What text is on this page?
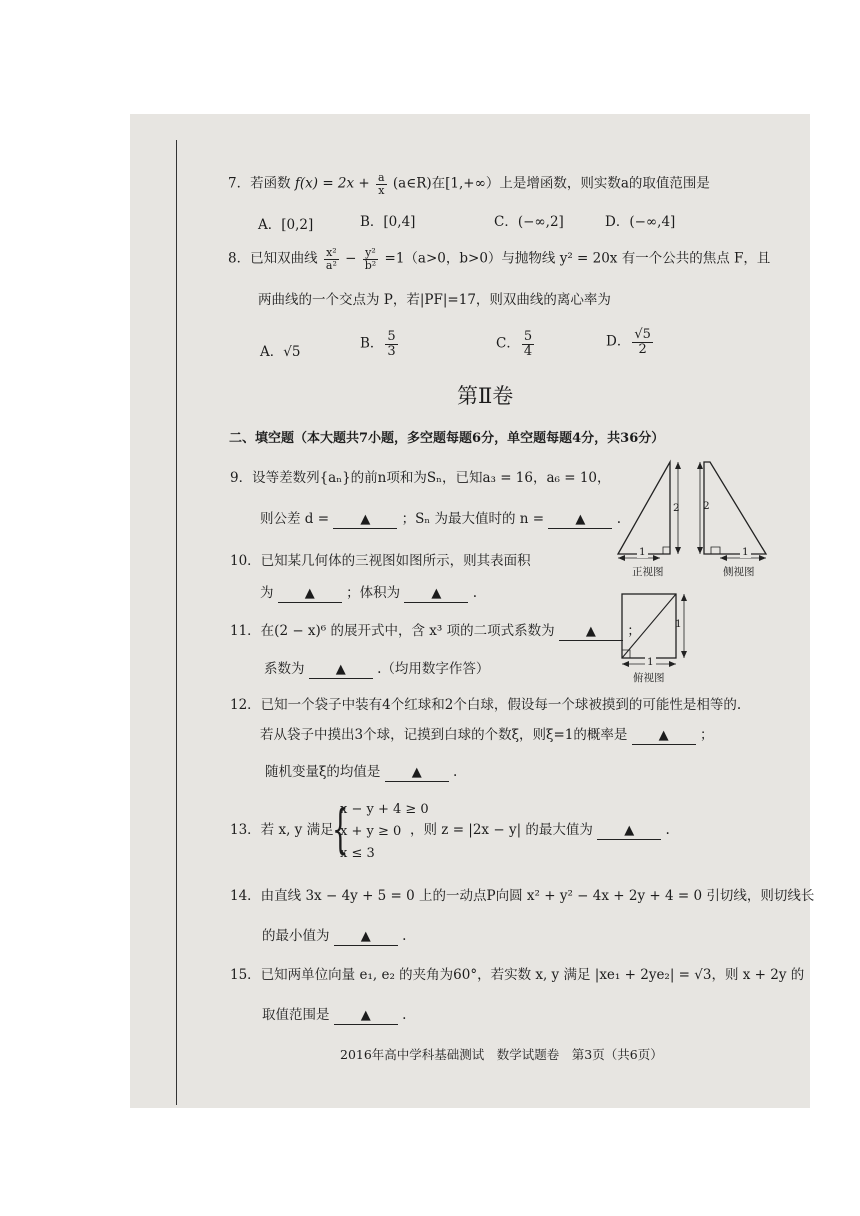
7．若函数 $f(x) = 2x + \frac{a}{x}$ (a∈R)在[1,+∞）上是增函数，则实数a的取值范围是
A．[0,2]	B．[0,4]	C．(−∞,2]	D．(−∞,4]
8．已知双曲线 $\frac{\text{x²}}{\text{a²}} - \frac{\text{y²}}{\text{b²}} =1(a>0$，b>0）与抛物线 y² = 20x 有一个公共的焦点 F，且
两曲线的一个交点为 P，若|PF|=17，则双曲线的离心率为
A．√5
B． $\frac{5}{3}$	C． $\frac{5}{4}$	D． $\frac{√5}{2}$
第Ⅱ卷
二、填空题（本大题共7小题，多空题每题6分，单空题每题4分，共36分）
9．设等差数列{aₙ}的前n项和为Sₙ，已知a₃ = 16，a₆ = 10，
则公差 d = ▲ ；Sₙ 为最大值时的 n = ▲ .
10．已知某几何体的三视图如图所示，则其表面积
为 ▲ ；体积为 ▲ .
11．在(2 − x)⁶ 的展开式中，含 x³ 项的二项式系数为 ▲ ；
系数为 ▲ .（均用数字作答）
12．已知一个袋子中装有4个红球和2个白球，假设每一个球被摸到的可能性是相等的.
若从袋子中摸出3个球，记摸到白球的个数ξ，则ξ=1的概率是 ▲ ；
随机变量ξ的均值是 ▲ .
13．若 x, y 满足
{
x − y + 4 ≥ 0
x + y ≥ 0
x ≤ 3
，则 z = |2x − y| 的最大值为 ▲ .
14．由直线 3x − 4y + 5 = 0 上的一动点P向圆 x² + y² − 4x + 2y + 4 = 0 引切线，则切线长
的最小值为 ▲ .
15．已知两单位向量 e₁, e₂ 的夹角为60°，若实数 x, y 满足 |xe₁ + 2ye₂| = √3，则 x + 2y 的
取值范围是 ▲ .
2016年高中学科基础测试　数学试题卷　第3页（共6页）
2
1
正视图
2
1
侧视图
1
1
俯视图
